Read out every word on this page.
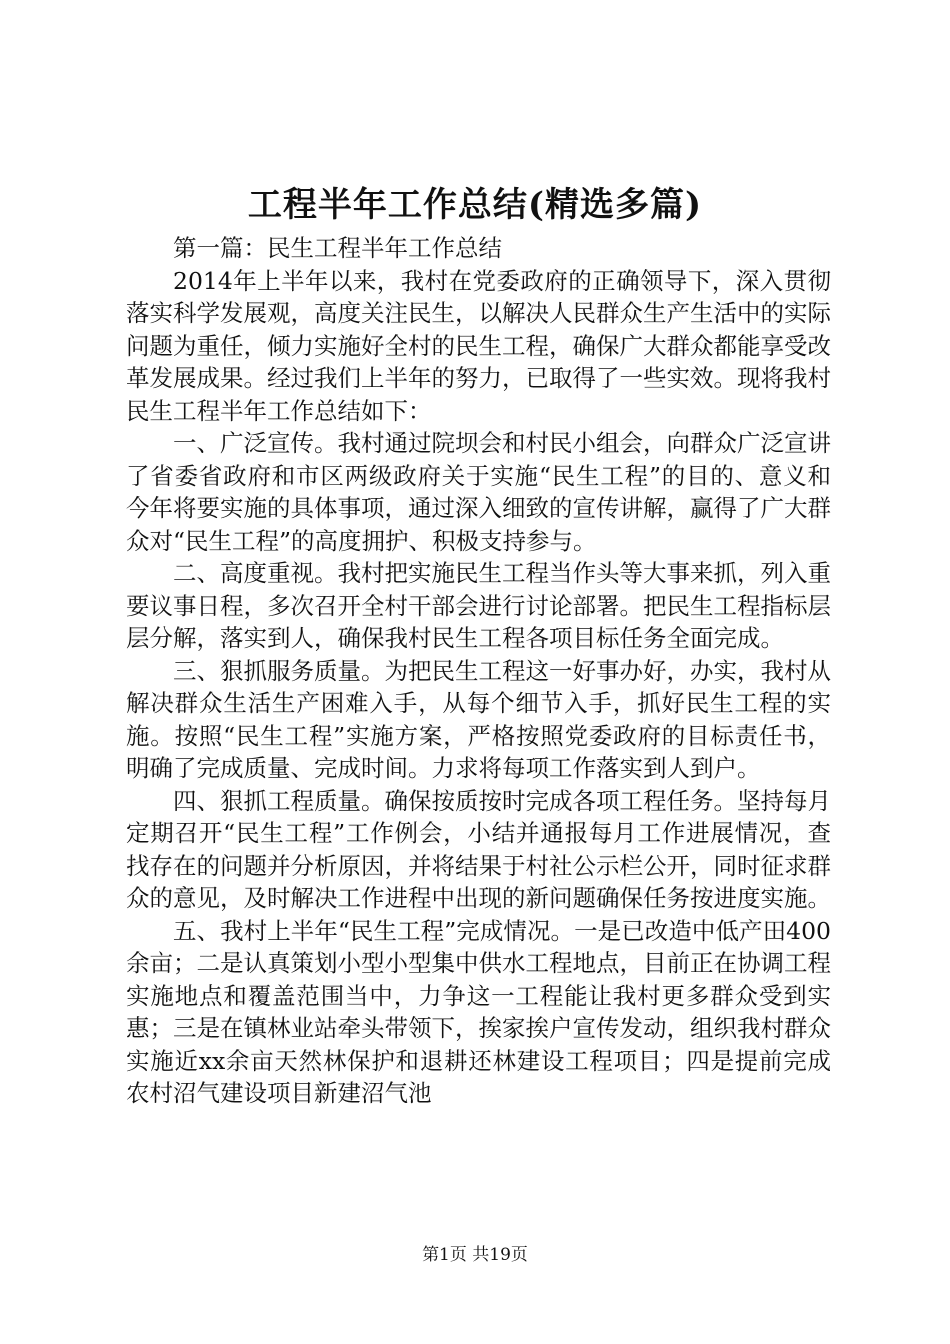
工程半年工作总结(精选多篇)

第一篇：民生工程半年工作总结

2014年上半年以来，我村在党委政府的正确领导下，深入贯彻落实科学发展观，高度关注民生，以解决人民群众生产生活中的实际问题为重任，倾力实施好全村的民生工程，确保广大群众都能享受改革发展成果。经过我们上半年的努力，已取得了一些实效。现将我村民生工程半年工作总结如下：

一、广泛宣传。我村通过院坝会和村民小组会，向群众广泛宣讲了省委省政府和市区两级政府关于实施“民生工程”的目的、意义和今年将要实施的具体事项，通过深入细致的宣传讲解，赢得了广大群众对“民生工程”的高度拥护、积极支持参与。

二、高度重视。我村把实施民生工程当作头等大事来抓，列入重要议事日程，多次召开全村干部会进行讨论部署。把民生工程指标层层分解，落实到人，确保我村民生工程各项目标任务全面完成。

三、狠抓服务质量。为把民生工程这一好事办好，办实，我村从解决群众生活生产困难入手，从每个细节入手，抓好民生工程的实施。按照“民生工程”实施方案，严格按照党委政府的目标责任书，明确了完成质量、完成时间。力求将每项工作落实到人到户。

四、狠抓工程质量。确保按质按时完成各项工程任务。坚持每月定期召开“民生工程”工作例会，小结并通报每月工作进展情况，查找存在的问题并分析原因，并将结果于村社公示栏公开，同时征求群众的意见，及时解决工作进程中出现的新问题确保任务按进度实施。

五、我村上半年“民生工程”完成情况。一是已改造中低产田400余亩；二是认真策划小型小型集中供水工程地点，目前正在协调工程实施地点和覆盖范围当中，力争这一工程能让我村更多群众受到实惠；三是在镇林业站牵头带领下，挨家挨户宣传发动，组织我村群众实施近xx余亩天然林保护和退耕还林建设工程项目；四是提前完成农村沼气建设项目新建沼气池

第1页 共19页
